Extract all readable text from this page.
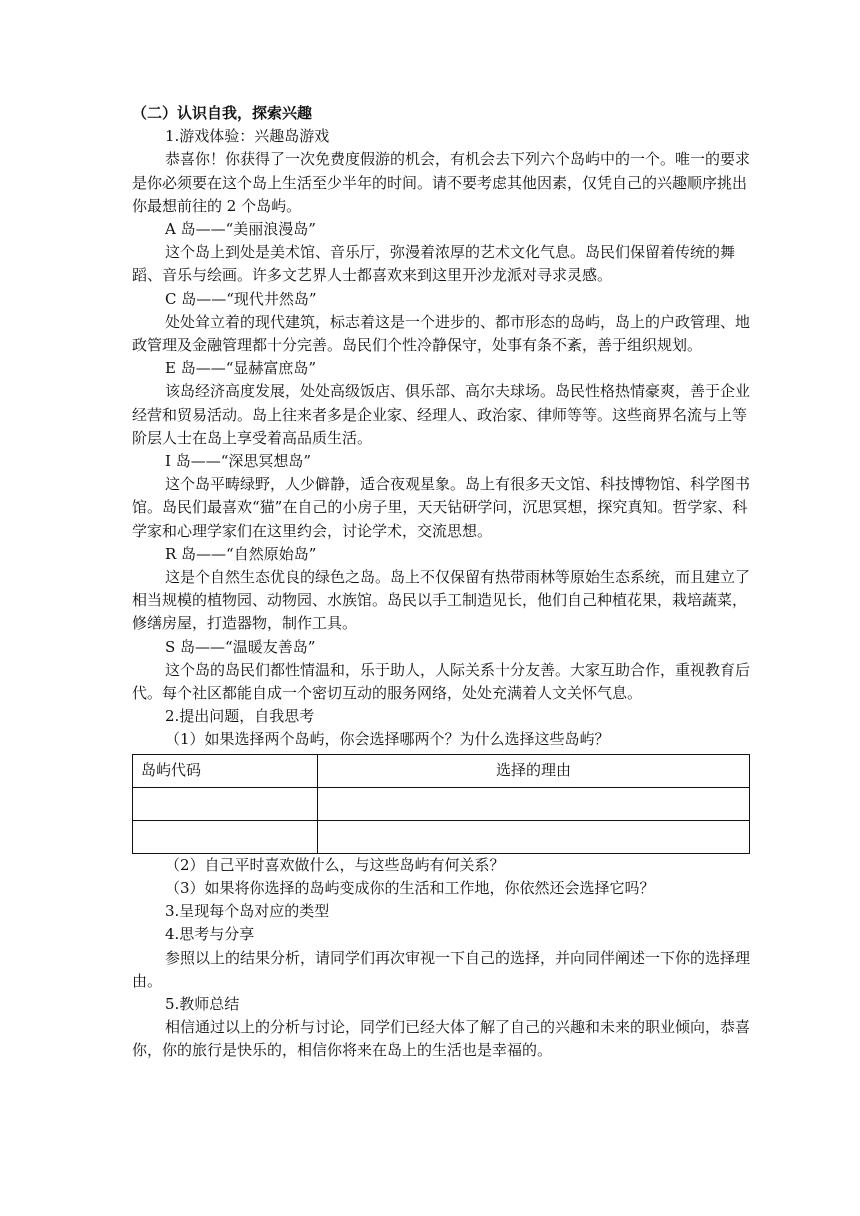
（二）认识自我，探索兴趣

1.游戏体验：兴趣岛游戏

恭喜你！你获得了一次免费度假游的机会，有机会去下列六个岛屿中的一个。唯一的要求是你必须要在这个岛上生活至少半年的时间。请不要考虑其他因素，仅凭自己的兴趣顺序挑出你最想前往的 2 个岛屿。

A 岛——“美丽浪漫岛”

这个岛上到处是美术馆、音乐厅，弥漫着浓厚的艺术文化气息。岛民们保留着传统的舞蹈、音乐与绘画。许多文艺界人士都喜欢来到这里开沙龙派对寻求灵感。

C 岛——“现代井然岛”

处处耸立着的现代建筑，标志着这是一个进步的、都市形态的岛屿，岛上的户政管理、地政管理及金融管理都十分完善。岛民们个性冷静保守，处事有条不紊，善于组织规划。

E 岛——“显赫富庶岛”

该岛经济高度发展，处处高级饭店、俱乐部、高尔夫球场。岛民性格热情豪爽，善于企业经营和贸易活动。岛上往来者多是企业家、经理人、政治家、律师等等。这些商界名流与上等阶层人士在岛上享受着高品质生活。

I 岛——“深思冥想岛”

这个岛平畴绿野，人少僻静，适合夜观星象。岛上有很多天文馆、科技博物馆、科学图书馆。岛民们最喜欢“猫”在自己的小房子里，天天钻研学问，沉思冥想，探究真知。哲学家、科学家和心理学家们在这里约会，讨论学术，交流思想。

R 岛——“自然原始岛”

这是个自然生态优良的绿色之岛。岛上不仅保留有热带雨林等原始生态系统，而且建立了相当规模的植物园、动物园、水族馆。岛民以手工制造见长，他们自己种植花果，栽培蔬菜，修缮房屋，打造器物，制作工具。

S 岛——“温暖友善岛”

这个岛的岛民们都性情温和，乐于助人，人际关系十分友善。大家互助合作，重视教育后代。每个社区都能自成一个密切互动的服务网络，处处充满着人文关怀气息。

2.提出问题，自我思考

（1）如果选择两个岛屿，你会选择哪两个？为什么选择这些岛屿？

岛屿代码	选择的理由

（2）自己平时喜欢做什么，与这些岛屿有何关系？

（3）如果将你选择的岛屿变成你的生活和工作地，你依然还会选择它吗？

3.呈现每个岛对应的类型

4.思考与分享

参照以上的结果分析，请同学们再次审视一下自己的选择，并向同伴阐述一下你的选择理由。

5.教师总结

相信通过以上的分析与讨论，同学们已经大体了解了自己的兴趣和未来的职业倾向，恭喜你，你的旅行是快乐的，相信你将来在岛上的生活也是幸福的。
